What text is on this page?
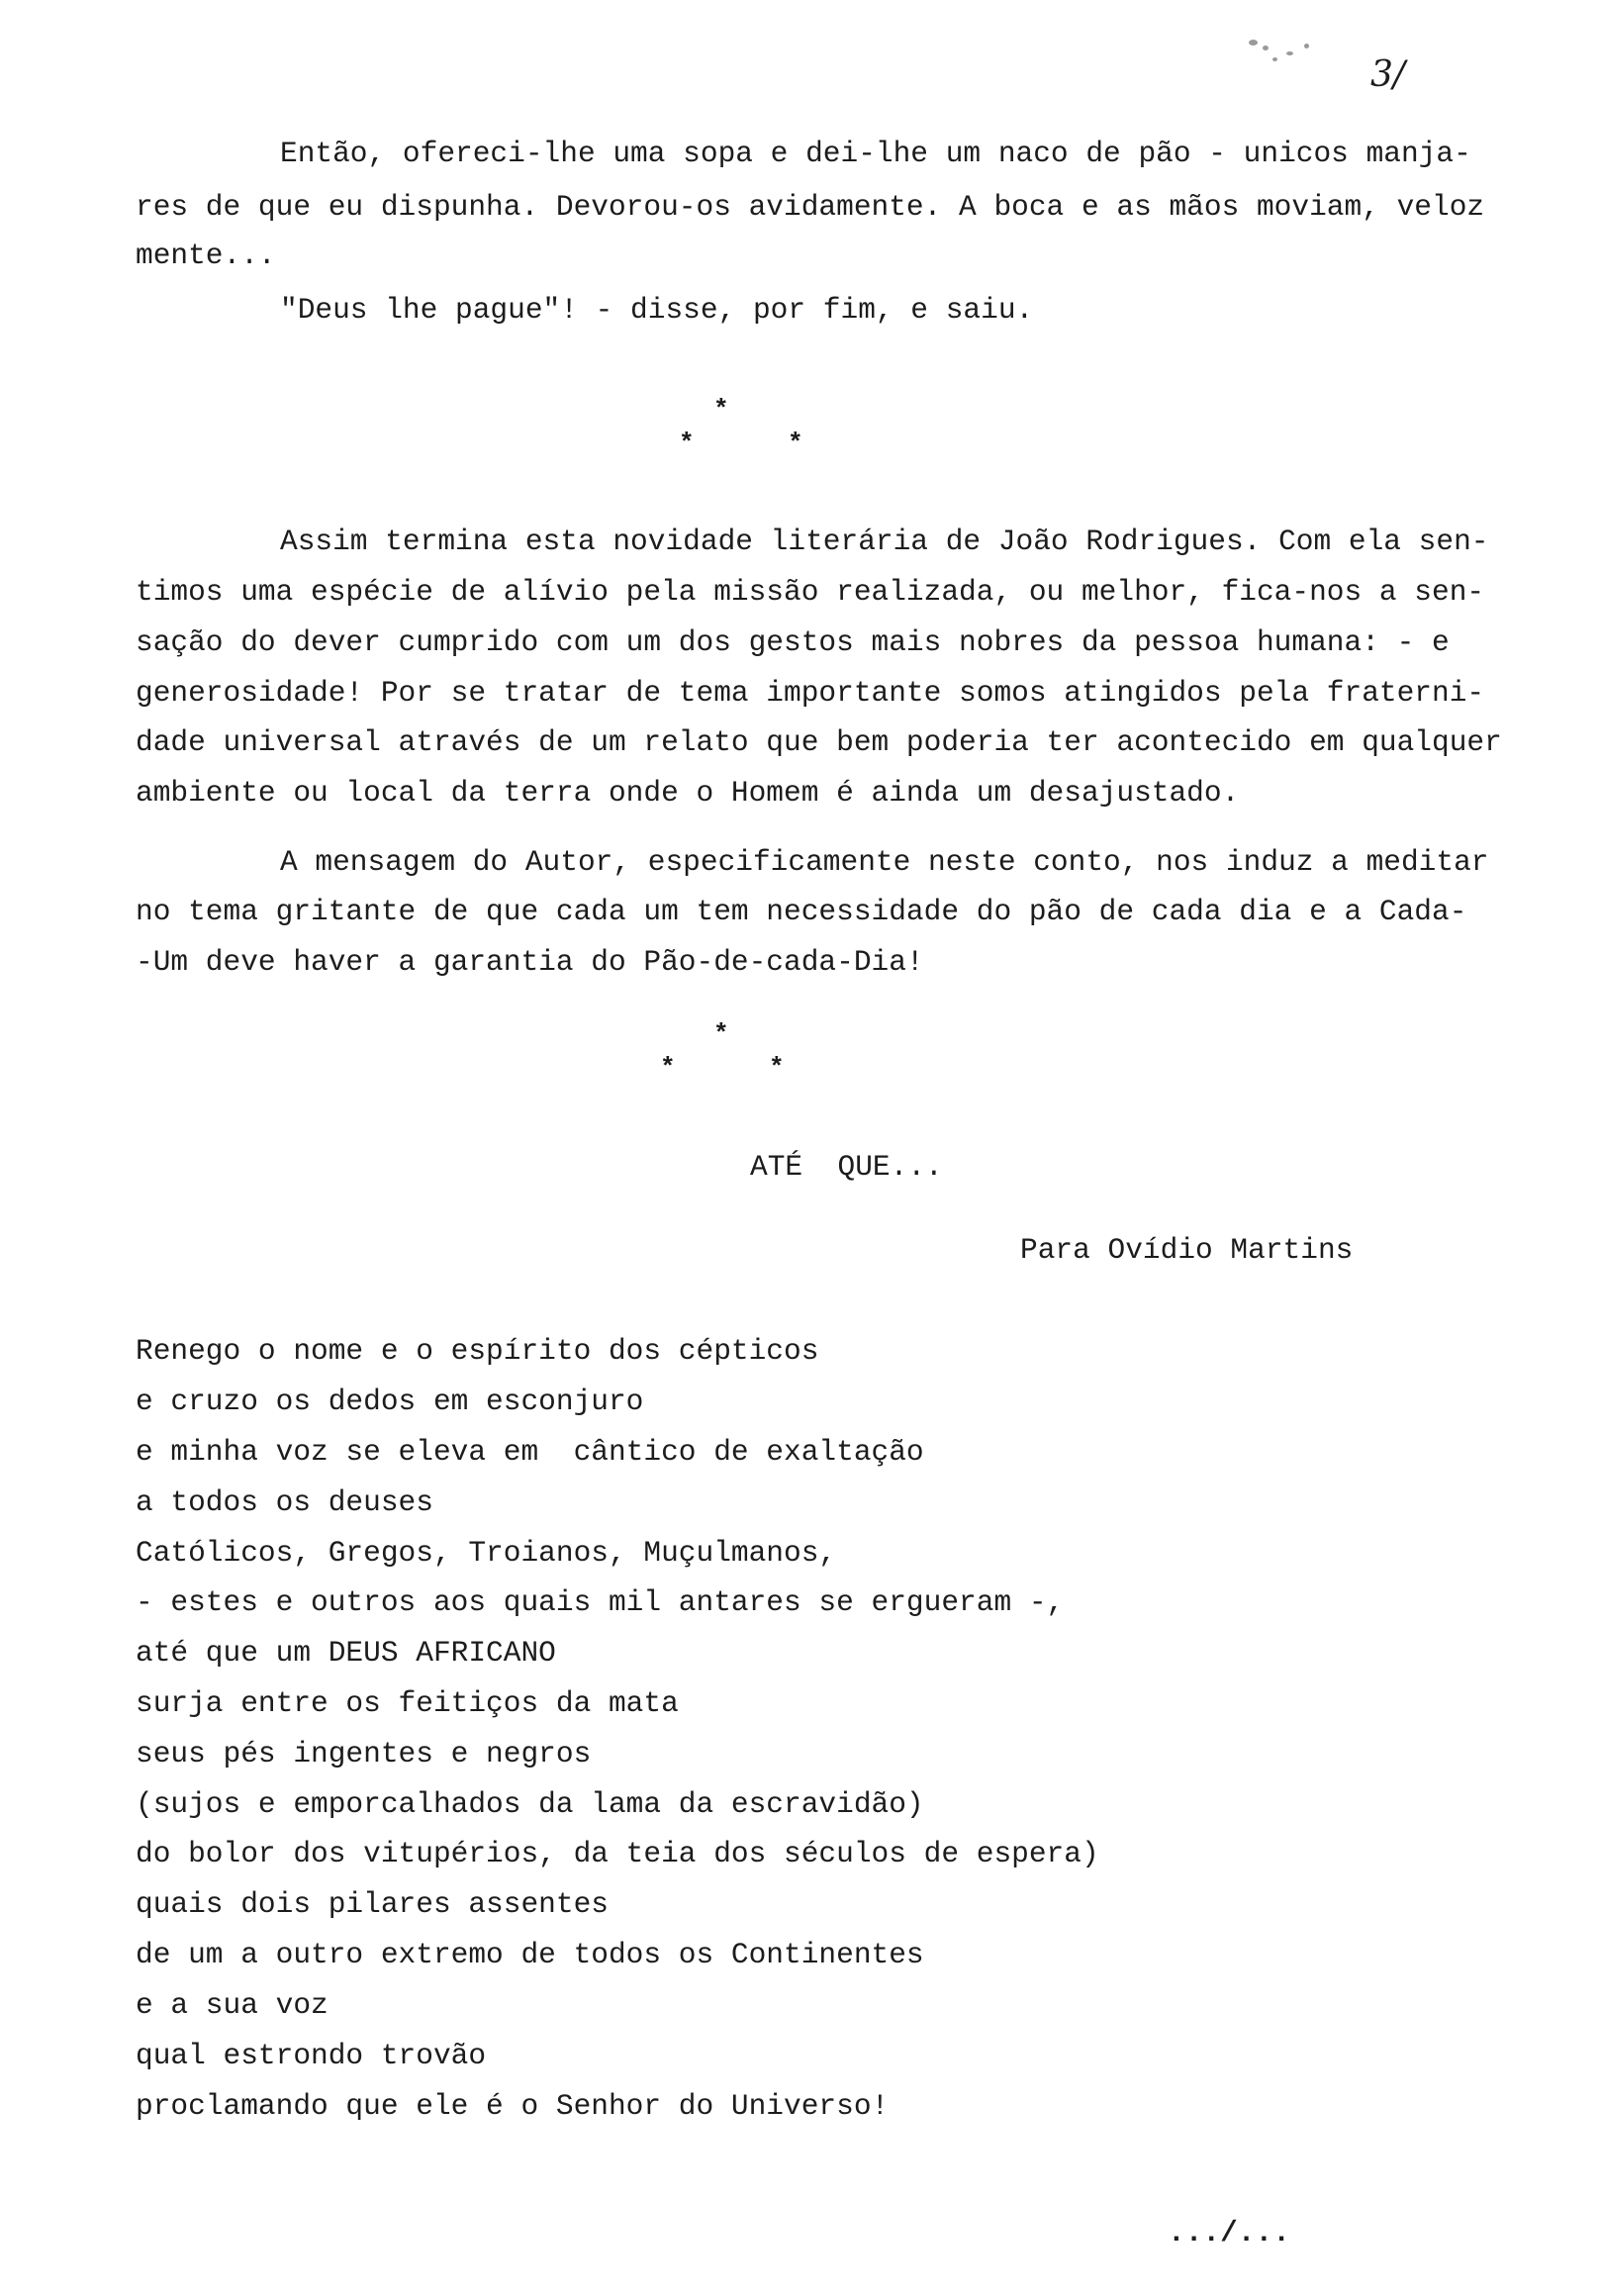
3/

Então, ofereci-lhe uma sopa e dei-lhe um naco de pão - unicos manja-

res de que eu dispunha. Devorou-os avidamente. A boca e as mãos moviam, veloz

mente...

"Deus lhe pague"! - disse, por fim, e saiu.

*
*	*

Assim termina esta novidade literária de João Rodrigues. Com ela sen-

timos uma espécie de alívio pela missão realizada, ou melhor, fica-nos a sen-

sação do dever cumprido com um dos gestos mais nobres da pessoa humana: - e

generosidade! Por se tratar de tema importante somos atingidos pela fraterni-

dade universal através de um relato que bem poderia ter acontecido em qualquer

ambiente ou local da terra onde o Homem é ainda um desajustado.

A mensagem do Autor, especificamente neste conto, nos induz a meditar

no tema gritante de que cada um tem necessidade do pão de cada dia e a Cada-

-Um deve haver a garantia do Pão-de-cada-Dia!

*
*	*

ATÉ  QUE...

Para Ovídio Martins

Renego o nome e o espírito dos cépticos

e cruzo os dedos em esconjuro

e minha voz se eleva em  cântico de exaltação

a todos os deuses

Católicos, Gregos, Troianos, Muçulmanos,

- estes e outros aos quais mil antares se ergueram -,

até que um DEUS AFRICANO

surja entre os feitiços da mata

seus pés ingentes e negros

(sujos e emporcalhados da lama da escravidão)

do bolor dos vitupérios, da teia dos séculos de espera)

quais dois pilares assentes

de um a outro extremo de todos os Continentes

e a sua voz

qual estrondo trovão

proclamando que ele é o Senhor do Universo!

.../...
